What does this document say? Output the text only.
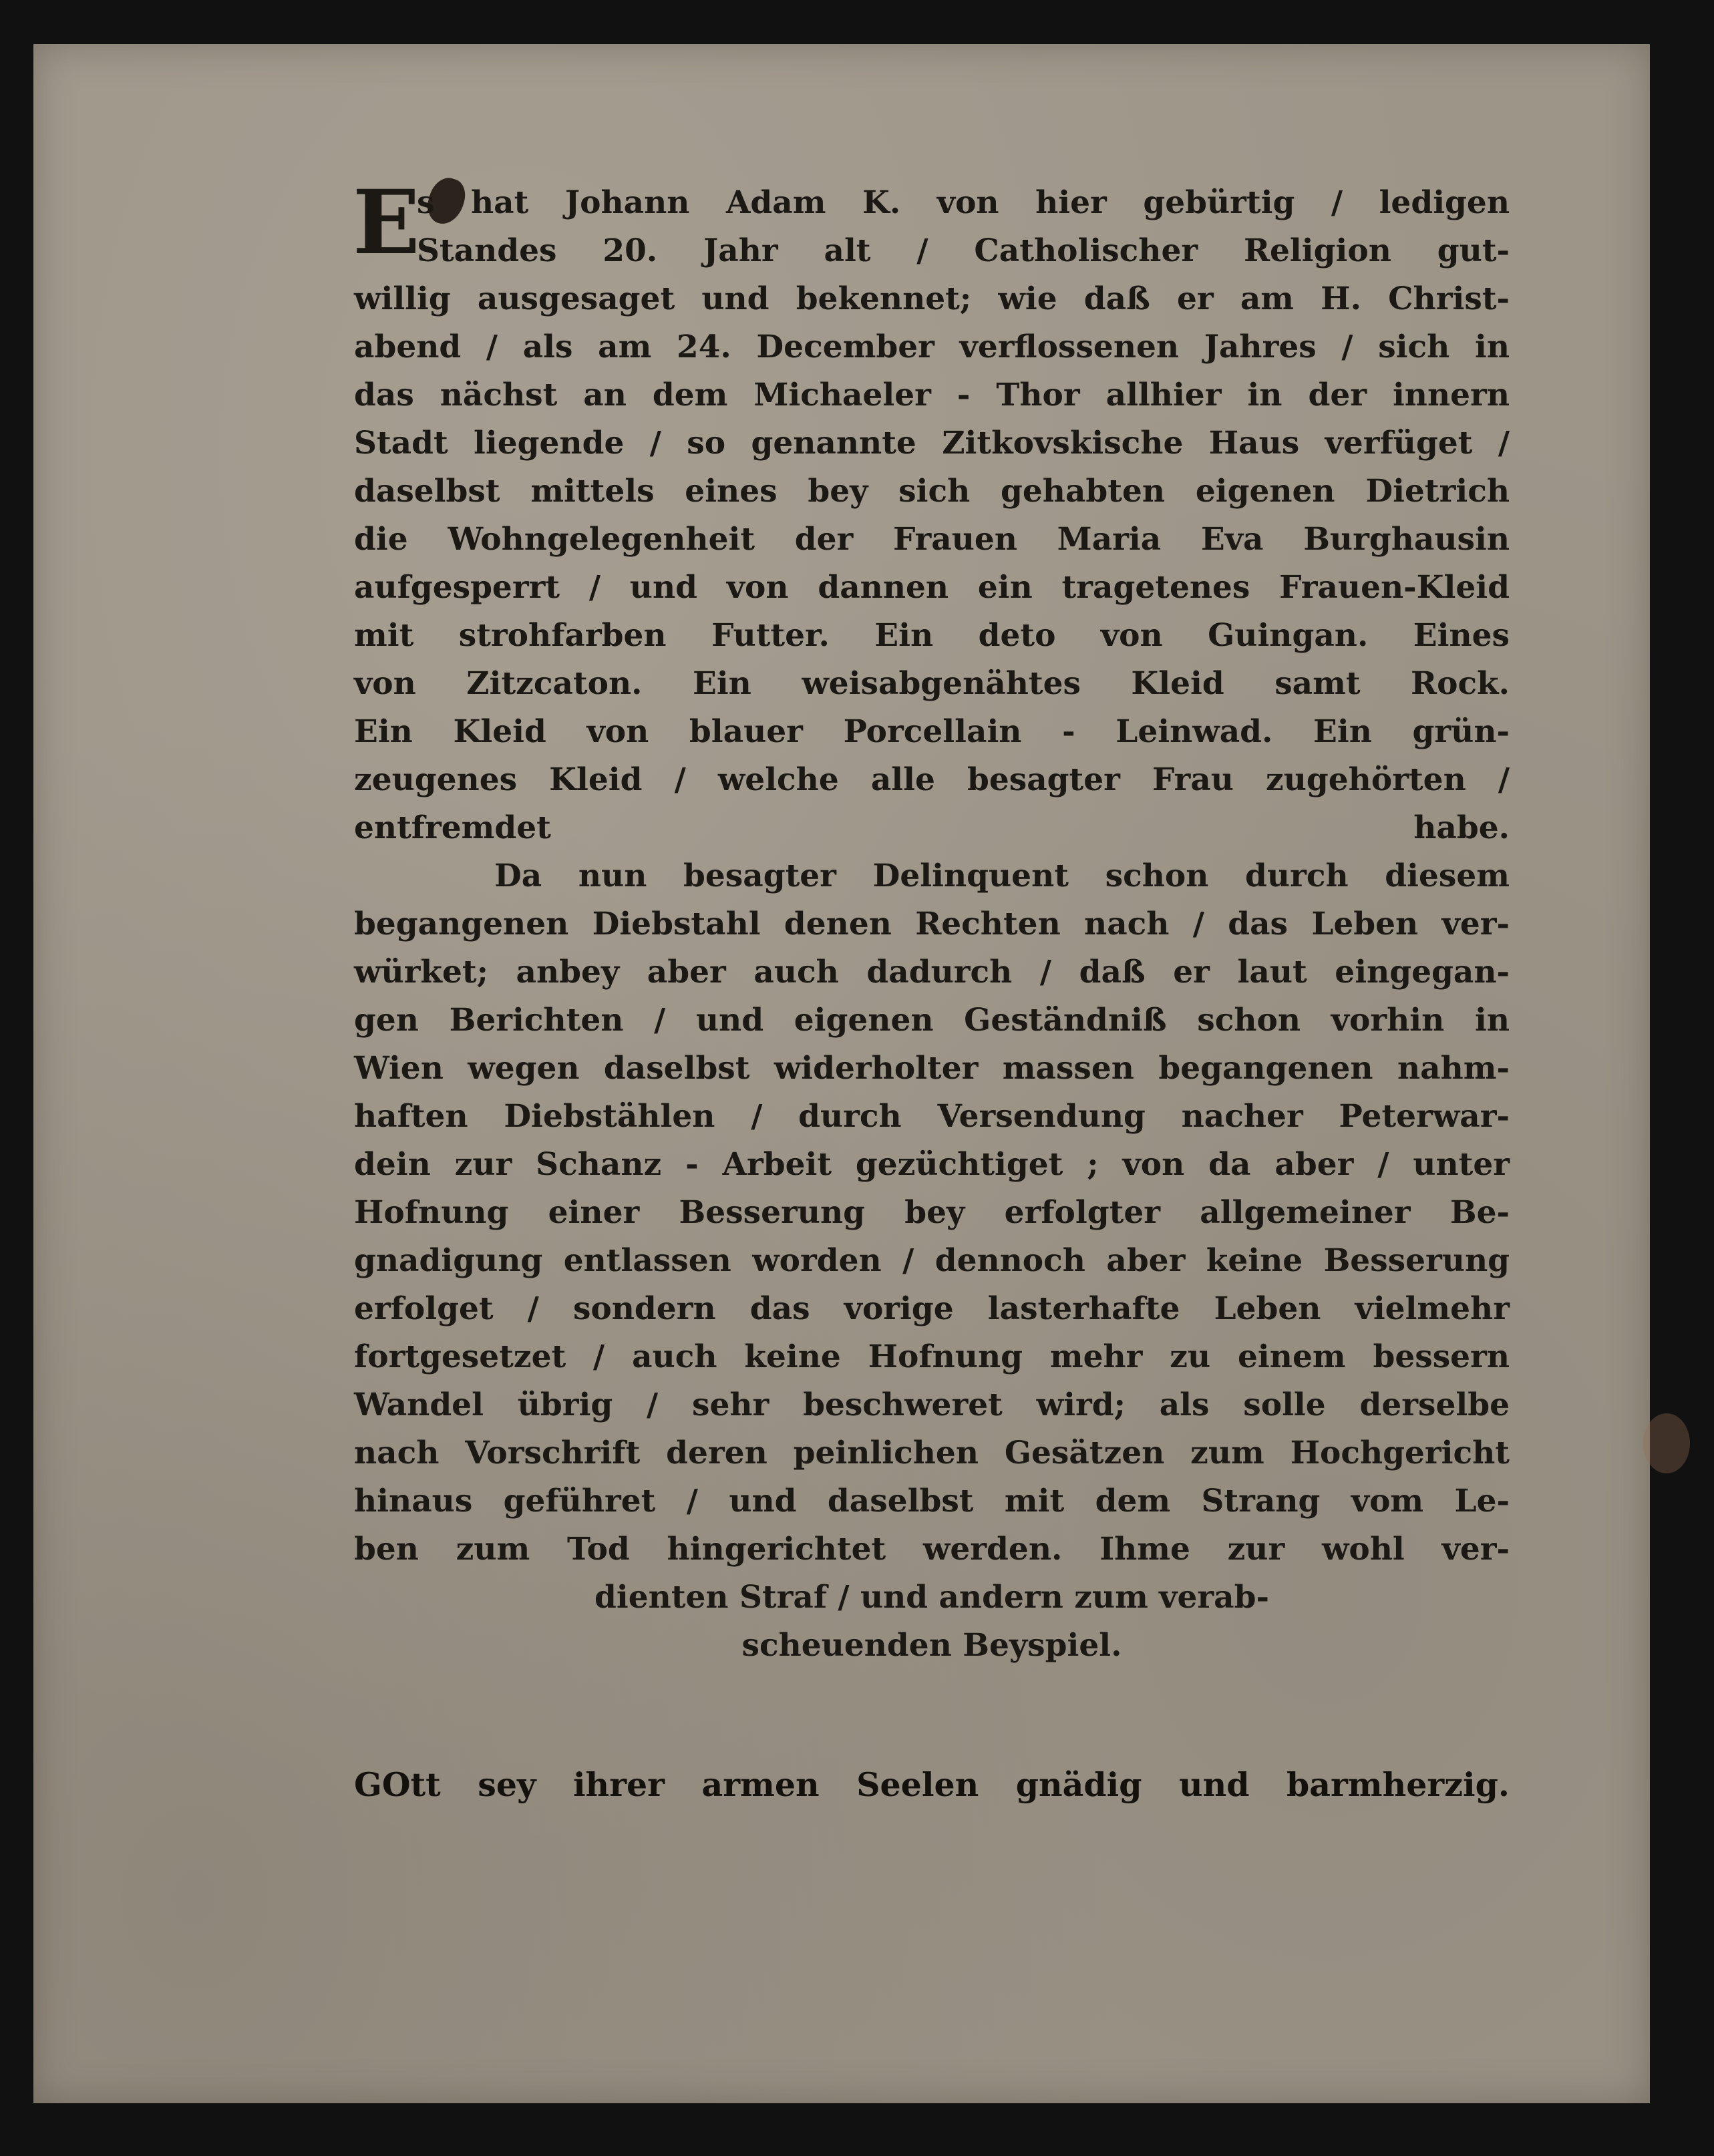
E
s hat Johann Adam K. von hier gebürtig / ledigen
Standes 20. Jahr alt / Catholischer Religion gut-
willig ausgesaget und bekennet; wie daß er am H. Christ-
abend / als am 24. December verflossenen Jahres / sich in
das nächst an dem Michaeler - Thor allhier in der innern
Stadt liegende / so genannte Zitkovskische Haus verfüget /
daselbst mittels eines bey sich gehabten eigenen Dietrich
die Wohngelegenheit der Frauen Maria Eva Burghausin
aufgesperrt / und von dannen ein tragetenes Frauen-Kleid
mit strohfarben Futter. Ein deto von Guingan. Eines
von Zitzcaton. Ein weisabgenähtes Kleid samt Rock.
Ein Kleid von blauer Porcellain - Leinwad. Ein grün-
zeugenes Kleid / welche alle besagter Frau zugehörten /
entfremdet habe.
Da nun besagter Delinquent schon durch diesem
begangenen Diebstahl denen Rechten nach / das Leben ver-
würket; anbey aber auch dadurch / daß er laut eingegan-
gen Berichten / und eigenen Geständniß schon vorhin in
Wien wegen daselbst widerholter massen begangenen nahm-
haften Diebstählen / durch Versendung nacher Peterwar-
dein zur Schanz - Arbeit gezüchtiget ; von da aber / unter
Hofnung einer Besserung bey erfolgter allgemeiner Be-
gnadigung entlassen worden / dennoch aber keine Besserung
erfolget / sondern das vorige lasterhafte Leben vielmehr
fortgesetzet / auch keine Hofnung mehr zu einem bessern
Wandel übrig / sehr beschweret wird; als solle derselbe
nach Vorschrift deren peinlichen Gesätzen zum Hochgericht
hinaus geführet / und daselbst mit dem Strang vom Le-
ben zum Tod hingerichtet werden. Ihme zur wohl ver-
dienten Straf / und andern zum verab-
scheuenden Beyspiel.
GOtt sey ihrer armen Seelen gnädig und barmherzig.
